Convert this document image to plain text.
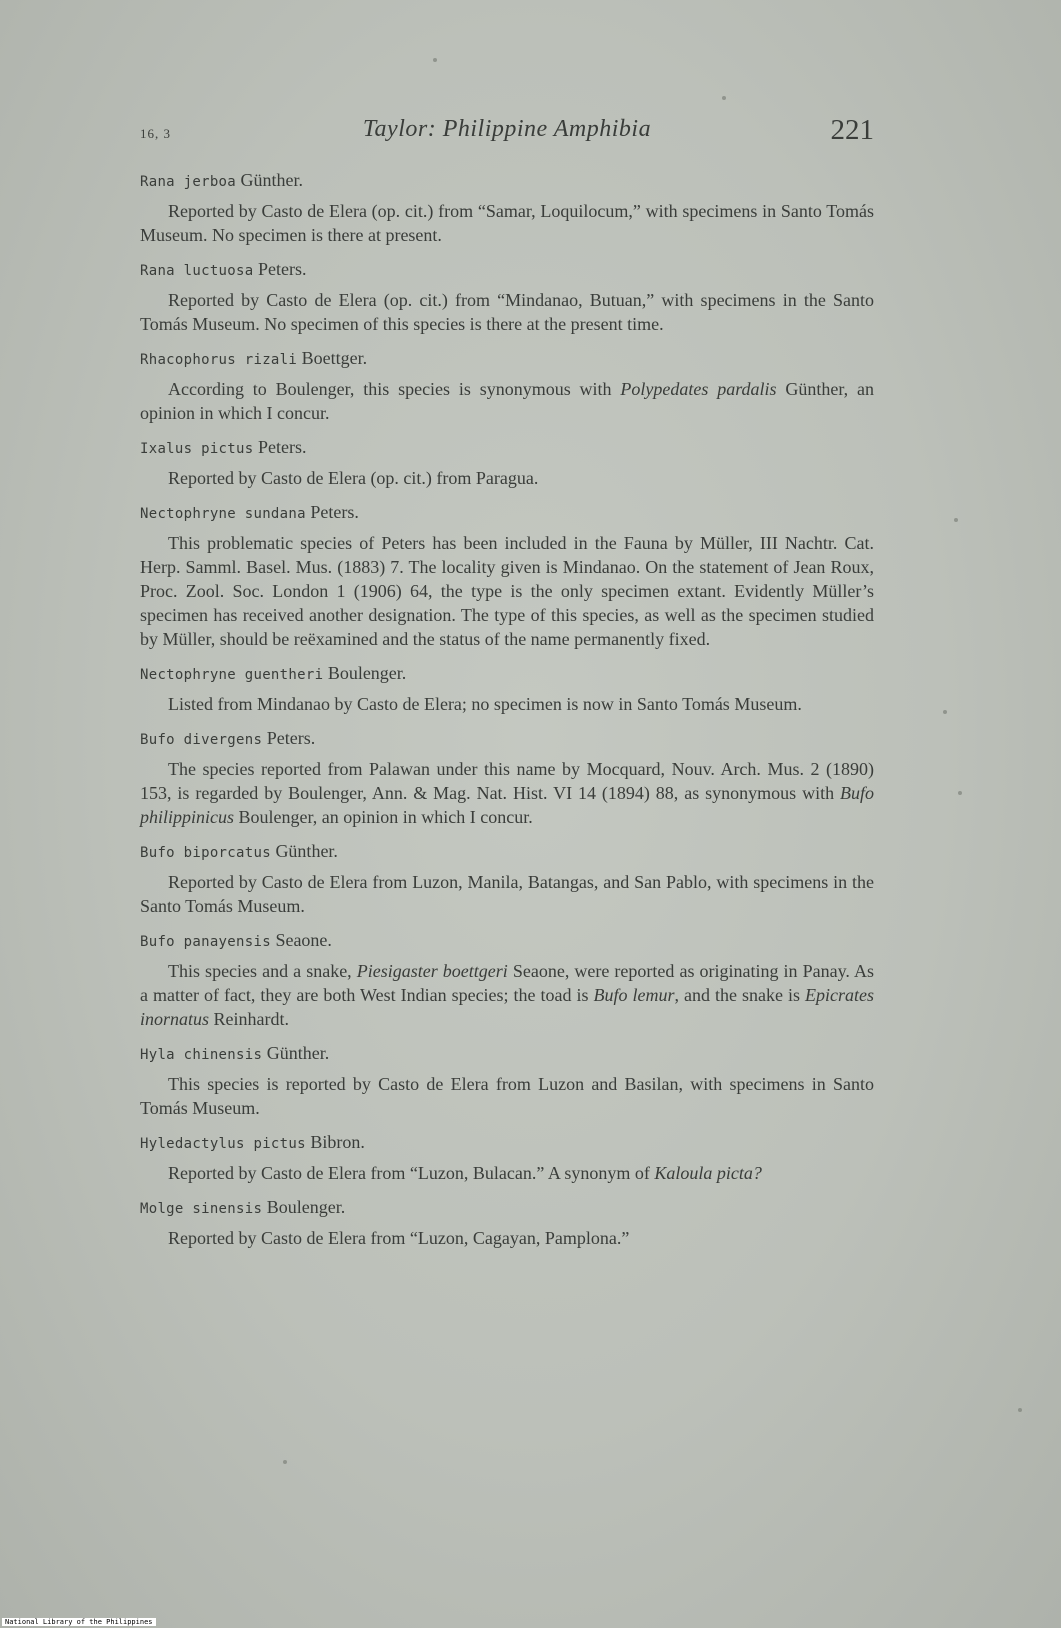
16, 3	Taylor: Philippine Amphibia	221
Rana jerboa Günther.

Reported by Casto de Elera (op. cit.) from “Samar, Loquilocum,” with specimens in Santo Tomás Museum. No specimen is there at present.

Rana luctuosa Peters.

Reported by Casto de Elera (op. cit.) from “Mindanao, Butuan,” with specimens in the Santo Tomás Museum. No specimen of this species is there at the present time.

Rhacophorus rizali Boettger.

According to Boulenger, this species is synonymous with Polypedates pardalis Günther, an opinion in which I concur.

Ixalus pictus Peters.

Reported by Casto de Elera (op. cit.) from Paragua.

Nectophryne sundana Peters.

This problematic species of Peters has been included in the Fauna by Müller, III Nachtr. Cat. Herp. Samml. Basel. Mus. (1883) 7. The locality given is Mindanao. On the statement of Jean Roux, Proc. Zool. Soc. London 1 (1906) 64, the type is the only specimen extant. Evidently Müller’s specimen has received another designation. The type of this species, as well as the specimen studied by Müller, should be reëxamined and the status of the name permanently fixed.

Nectophryne guentheri Boulenger.

Listed from Mindanao by Casto de Elera; no specimen is now in Santo Tomás Museum.

Bufo divergens Peters.

The species reported from Palawan under this name by Mocquard, Nouv. Arch. Mus. 2 (1890) 153, is regarded by Boulenger, Ann. & Mag. Nat. Hist. VI 14 (1894) 88, as synonymous with Bufo philippinicus Boulenger, an opinion in which I concur.

Bufo biporcatus Günther.

Reported by Casto de Elera from Luzon, Manila, Batangas, and San Pablo, with specimens in the Santo Tomás Museum.

Bufo panayensis Seaone.

This species and a snake, Piesigaster boettgeri Seaone, were reported as originating in Panay. As a matter of fact, they are both West Indian species; the toad is Bufo lemur, and the snake is Epicrates inornatus Reinhardt.

Hyla chinensis Günther.

This species is reported by Casto de Elera from Luzon and Basilan, with specimens in Santo Tomás Museum.

Hyledactylus pictus Bibron.

Reported by Casto de Elera from “Luzon, Bulacan.” A synonym of Kaloula picta?

Molge sinensis Boulenger.

Reported by Casto de Elera from “Luzon, Cagayan, Pamplona.”

National Library of the Philippines
